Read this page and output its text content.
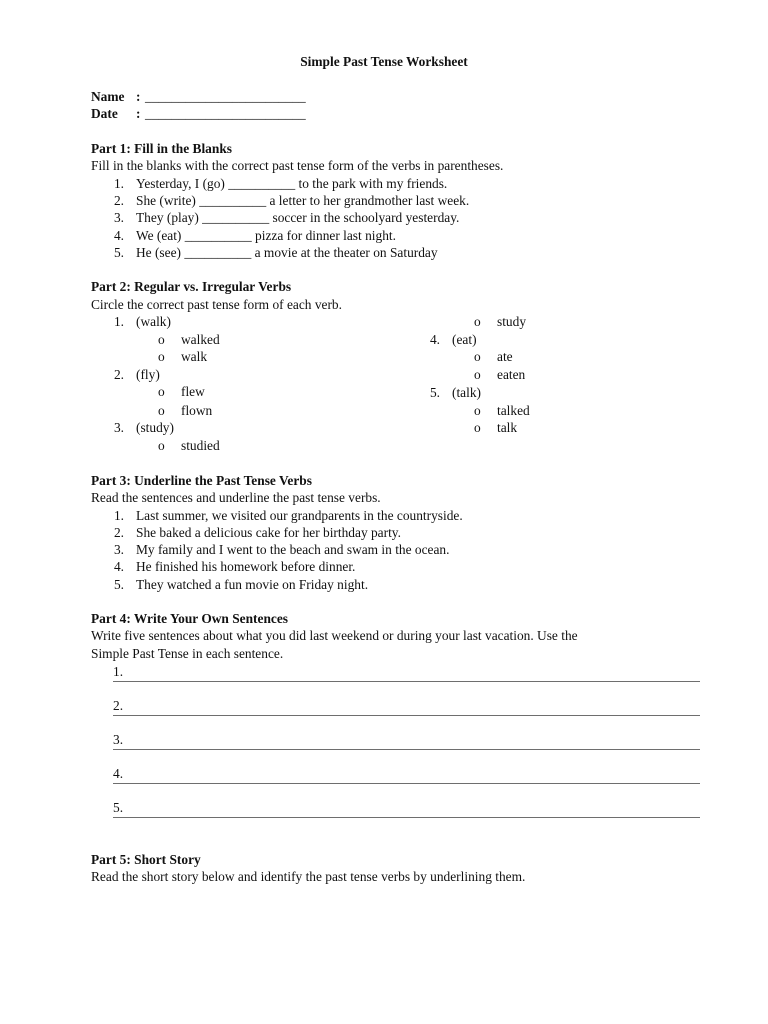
Simple Past Tense Worksheet
Name : ________________________
Date : ________________________
Part 1: Fill in the Blanks
Fill in the blanks with the correct past tense form of the verbs in parentheses.
1. Yesterday, I (go) __________ to the park with my friends.
2. She (write) __________ a letter to her grandmother last week.
3. They (play) __________ soccer in the schoolyard yesterday.
4. We (eat) __________ pizza for dinner last night.
5. He (see) __________ a movie at the theater on Saturday
Part 2: Regular vs. Irregular Verbs
Circle the correct past tense form of each verb.
1. (walk)
o walked
o walk
2. (fly)
o flew
o flown
3. (study)
o studied
o study
4. (eat)
o ate
o eaten
5. (talk)
o talked
o talk
Part 3: Underline the Past Tense Verbs
Read the sentences and underline the past tense verbs.
1. Last summer, we visited our grandparents in the countryside.
2. She baked a delicious cake for her birthday party.
3. My family and I went to the beach and swam in the ocean.
4. He finished his homework before dinner.
5. They watched a fun movie on Friday night.
Part 4: Write Your Own Sentences
Write five sentences about what you did last weekend or during your last vacation. Use the
Simple Past Tense in each sentence.
1.
2.
3.
4.
5.
Part 5: Short Story
Read the short story below and identify the past tense verbs by underlining them.
